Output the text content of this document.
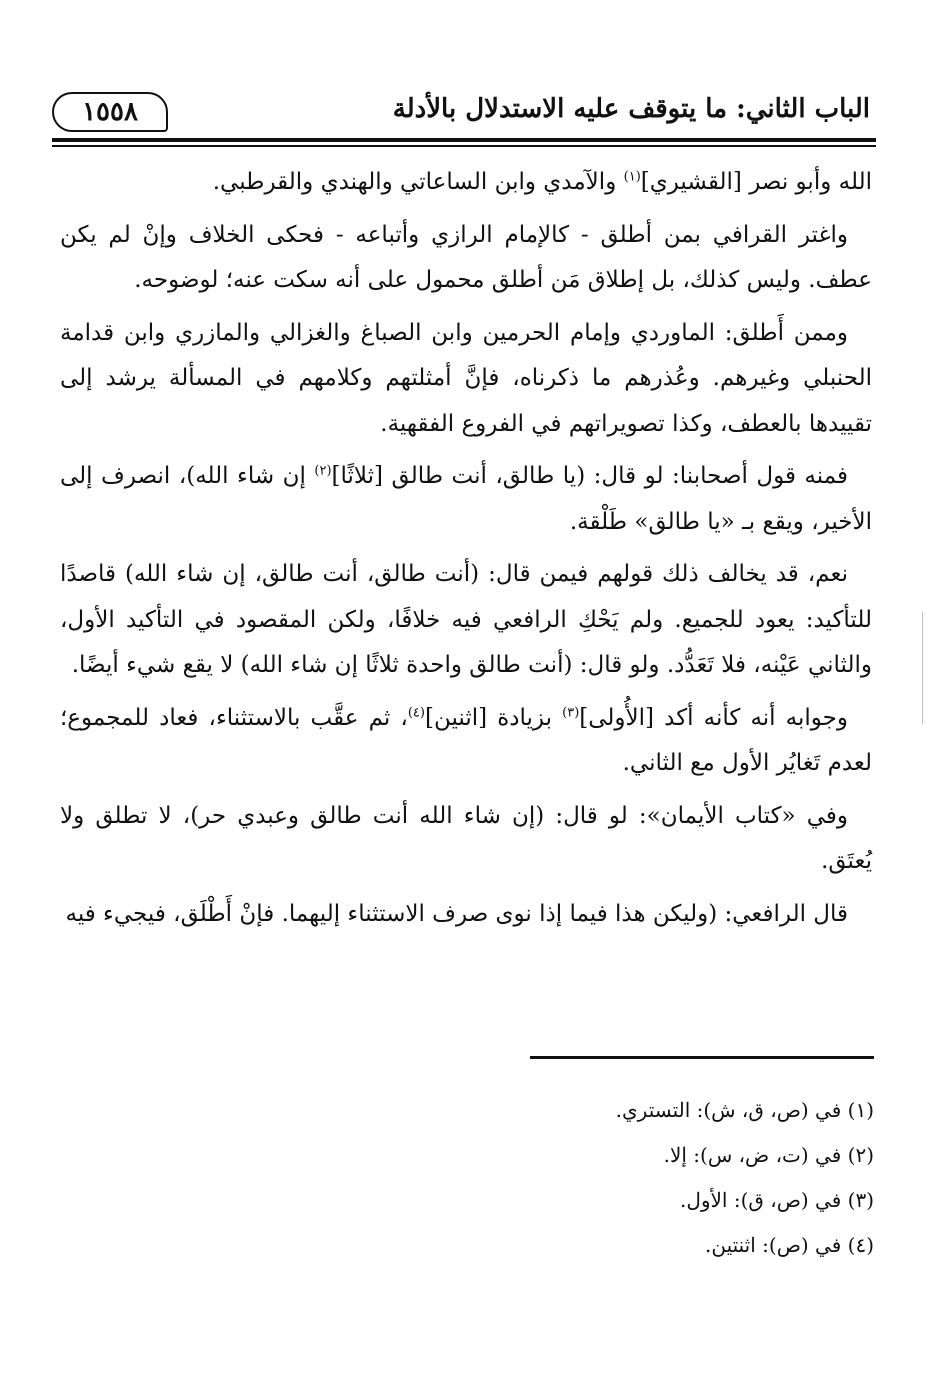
الباب الثاني: ما يتوقف عليه الاستدلال بالأدلة
١٥٥٨

الله وأبو نصر [القشيري]$^{(١)}$ والآمدي وابن الساعاتي والهندي والقرطبي.

واغتر القرافي بمن أطلق - كالإمام الرازي وأتباعه - فحكى الخلاف وإنْ لم يكن عطف. وليس كذلك، بل إطلاق مَن أطلق محمول على أنه سكت عنه؛ لوضوحه.

وممن أَطلق: الماوردي وإمام الحرمين وابن الصباغ والغزالي والمازري وابن قدامة الحنبلي وغيرهم. وعُذرهم ما ذكرناه، فإنَّ أمثلتهم وكلامهم في المسألة يرشد إلى تقييدها بالعطف، وكذا تصويراتهم في الفروع الفقهية.

فمنه قول أصحابنا: لو قال: (يا طالق، أنت طالق [ثلاثًا]$^{(٢)}$ إن شاء الله)، انصرف إلى الأخير، ويقع بـ «يا طالق» طَلْقة.

نعم، قد يخالف ذلك قولهم فيمن قال: (أنت طالق، أنت طالق، إن شاء الله) قاصدًا للتأكيد: يعود للجميع. ولم يَحْكِ الرافعي فيه خلافًا، ولكن المقصود في التأكيد الأول، والثاني عَيْنه، فلا تَعَدُّد. ولو قال: (أنت طالق واحدة ثلاثًا إن شاء الله) لا يقع شيء أيضًا.

وجوابه أنه كأنه أكد [الأُولى]$^{(٣)}$ بزيادة [اثنين]$^{(٤)}$، ثم عقَّب بالاستثناء، فعاد للمجموع؛ لعدم تَغايُر الأول مع الثاني.

وفي «كتاب الأيمان»: لو قال: (إن شاء الله أنت طالق وعبدي حر)، لا تطلق ولا يُعتَق.

قال الرافعي: (وليكن هذا فيما إذا نوى صرف الاستثناء إليهما. فإنْ أَطْلَق، فيجيء فيه

(١) في (ص، ق، ش): التستري.
(٢) في (ت، ض، س): إلا.
(٣) في (ص، ق): الأول.
(٤) في (ص): اثنتين.
